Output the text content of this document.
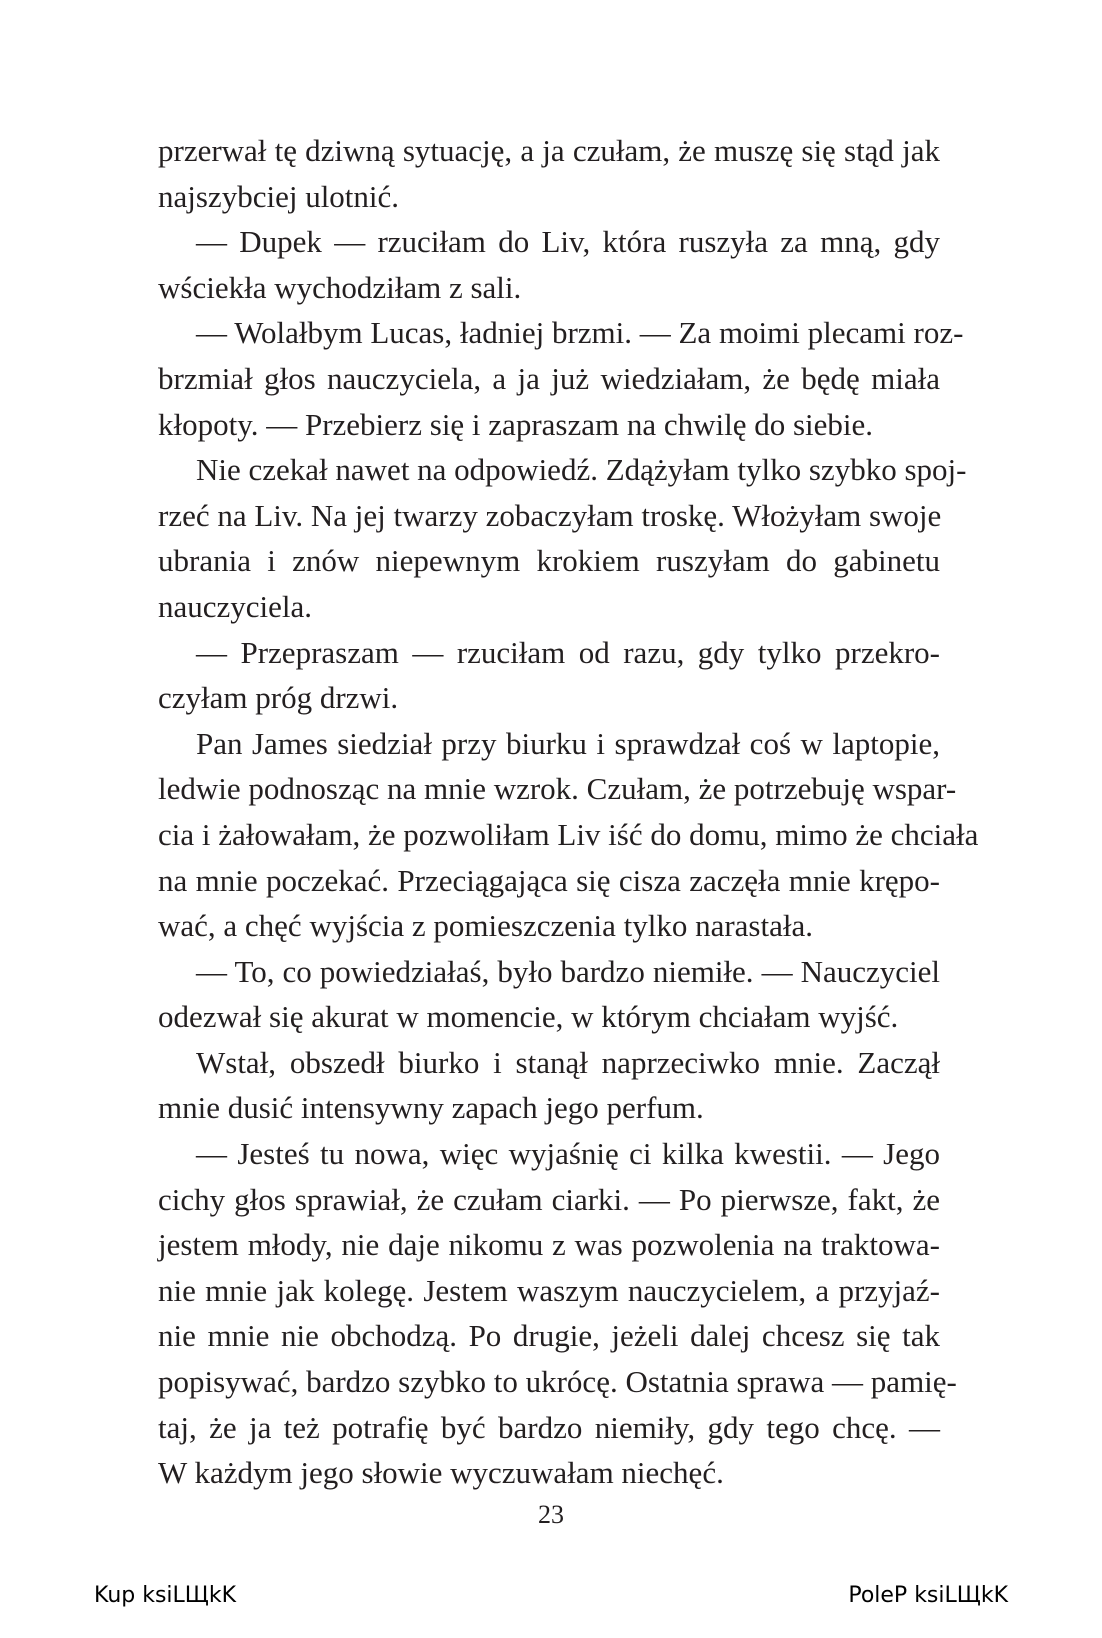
przerwał tę dziwną sytuację, a ja czułam, że muszę się stąd jak
najszybciej ulotnić.
— Dupek — rzuciłam do Liv, która ruszyła za mną, gdy
wściekła wychodziłam z sali.
— Wolałbym Lucas, ładniej brzmi. — Za moimi plecami roz-
brzmiał głos nauczyciela, a ja już wiedziałam, że będę miała
kłopoty. — Przebierz się i zapraszam na chwilę do siebie.
Nie czekał nawet na odpowiedź. Zdążyłam tylko szybko spoj-
rzeć na Liv. Na jej twarzy zobaczyłam troskę. Włożyłam swoje
ubrania i znów niepewnym krokiem ruszyłam do gabinetu
nauczyciela.
— Przepraszam — rzuciłam od razu, gdy tylko przekro-
czyłam próg drzwi.
Pan James siedział przy biurku i sprawdzał coś w laptopie,
ledwie podnosząc na mnie wzrok. Czułam, że potrzebuję wspar-
cia i żałowałam, że pozwoliłam Liv iść do domu, mimo że chciała
na mnie poczekać. Przeciągająca się cisza zaczęła mnie krępo-
wać, a chęć wyjścia z pomieszczenia tylko narastała.
— To, co powiedziałaś, było bardzo niemiłe. — Nauczyciel
odezwał się akurat w momencie, w którym chciałam wyjść.
Wstał, obszedł biurko i stanął naprzeciwko mnie. Zaczął
mnie dusić intensywny zapach jego perfum.
— Jesteś tu nowa, więc wyjaśnię ci kilka kwestii. — Jego
cichy głos sprawiał, że czułam ciarki. — Po pierwsze, fakt, że
jestem młody, nie daje nikomu z was pozwolenia na traktowa-
nie mnie jak kolegę. Jestem waszym nauczycielem, a przyjaź-
nie mnie nie obchodzą. Po drugie, jeżeli dalej chcesz się tak
popisywać, bardzo szybko to ukrócę. Ostatnia sprawa — pamię-
taj, że ja też potrafię być bardzo niemiły, gdy tego chcę. —
W każdym jego słowie wyczuwałam niechęć.
23
Kup ksiLЩkK	PoleP ksiLЩkK
